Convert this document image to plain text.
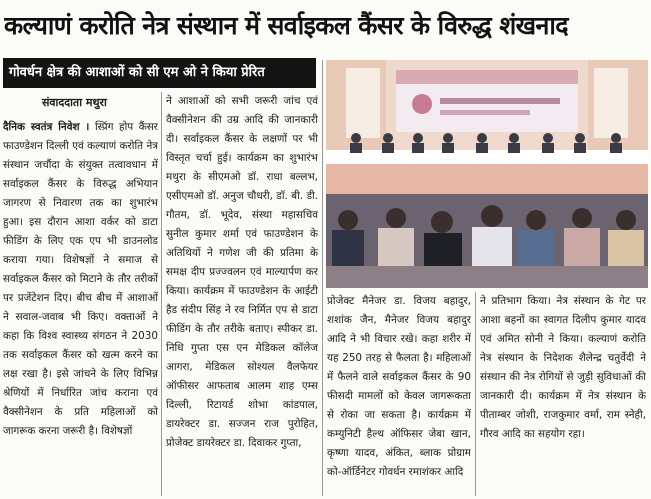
कल्याणं करोति नेत्र संस्थान में सर्वाइकल कैंसर के विरुद्ध शंखनाद
गोवर्धन क्षेत्र की आशाओं को सी एम ओ ने किया प्रेरित
संवाददाता मथुरा

दैनिक स्वतंत्र निवेश । स्प्रिंग होप कैंसर फाउण्डेशन दिल्ली एवं कल्याणं करोति नेत्र संस्थान जचौंदा के संयुक्त तत्वावधान में सर्वाइकल कैंसर के विरुद्ध अभियान जागरण से निवारण तक का शुभारंभ हुआ। इस दौरान आशा वर्कर को डाटा फीडिंग के लिए एक एप भी डाउनलोड कराया गया। विशेषज्ञों ने समाज से सर्वाइकल कैंसर को मिटाने के तौर तरीकों पर प्रजेंटेशन दिए। बीच बीच में आशाओं ने सवाल-जवाब भी किए। वक्ताओं ने कहा कि विश्व स्वास्थ्य संगठन ने 2030 तक सर्वाइकल कैंसर को खत्म करने का लक्ष रखा है। इसे जांचने के लिए विभिन्न श्रेणियों में निर्धारित जांच कराना एवं वैक्सीनेशन के प्रति महिलाओं को जागरूक करना जरूरी है। विशेषज्ञों

ने आशाओं को सभी जरूरी जांच एवं वैक्सीनेशन की उम्र आदि की जानकारी दी। सर्वाइकल कैंसर के लक्षणों पर भी विस्तृत चर्चा हुई। कार्यक्रम का शुभारंभ मथुरा के सीएमओ डॉ. राधा बल्लभ, एसीएमओ डॉ. अनुज चौधरी, डॉ. बी. डी. गौतम, डॉ. भूदेव, संस्था महासचिव सुनील कुमार शर्मा एवं फाउण्डेशन के अतिथियों ने गणेश जी की प्रतिमा के समक्ष दीप प्रज्ज्वलन एवं माल्यार्पण कर किया। कार्यक्रम में फाउण्डेशन के आईटी हैड संदीप सिंह ने रव निर्मित एप से डाटा फीडिंग के तौर तरीके बताए। स्पीकर डा. निधि गुप्ता एस एन मेडिकल कॉलेज आगरा, मेडिकल सोश्यल वैलफेयर ऑफीसर आफताब आलम शाह एम्स दिल्ली, रिटायर्ड शोभा कांडपाल, डायरेक्टर डा. सज्जन राज पुरोहित, प्रोजेक्ट डायरेक्टर डा. दिवाकर गुप्ता,

प्रोजेक्ट मैनेजर डा. विजय बहादुर, शशांक जैन, मैनेजर विजय बहादुर आदि ने भी विचार रखे। कहा शरीर में यह 250 तरह से फैलता है। महिलाओं में फैलने वाले सर्वाइकल कैंसर के 90 फीसदी मामलों को केवल जागरूकता से रोका जा सकता है। कार्यक्रम में कम्युनिटी हैल्थ ऑफिसर जेबा खान, कृष्णा यादव, अंकित, ब्लाक प्रोग्राम को-ऑर्डिनेटर गोवर्धन रमाशंकर आदि

ने प्रतिभाग किया। नेत्र संस्थान के गेट पर आशा बहनों का स्वागत दिलीप कुमार यादव एवं अमित सोनी ने किया। कल्याणं करोति नेत्र संस्थान के निदेशक शैलेन्द्र चतुर्वेदी ने संस्थान की नेत्र रोगियों से जुड़ी सुविधाओं की जानकारी दी। कार्यक्रम में नेत्र संस्थान के पीताम्बर जोशी, राजकुमार वर्मा, राम स्नेही, गौरव आदि का सहयोग रहा।
